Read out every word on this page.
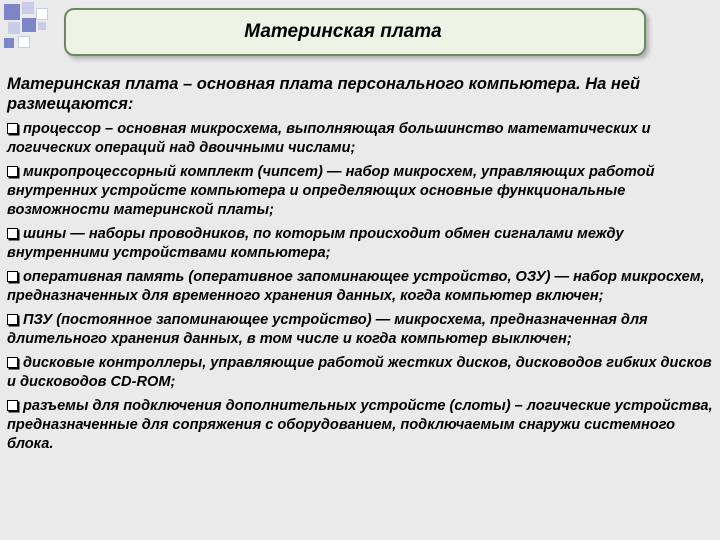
Материнская плата

Материнская плата – основная плата персонального компьютера. На ней размещаются:

процессор – основная микросхема, выполняющая большинство математических и логических операций над двоичными числами;

микропроцессорный комплект (чипсет) — набор микросхем, управляющих работой внутренних устройсте компьютера и определяющих основные функциональные возможности материнской платы;

шины — наборы проводников, по которым происходит обмен сигналами между внутренними устройствами компьютера;

оперативная память (оперативное запоминающее устройство, ОЗУ) — набор микросхем, предназначенных для временного хранения данных, когда компьютер включен;

ПЗУ (постоянное запоминающее устройство) — микросхема, предназначенная для длительного хранения данных, в том числе и когда компьютер выключен;

дисковые контроллеры, управляющие работой жестких дисков, дисководов гибких дисков и дисководов CD-ROM;

разъемы для подключения дополнительных устройсте (слоты) – логические устройства, предназначенные для сопряжения с оборудованием, подключаемым снаружи системного блока.
